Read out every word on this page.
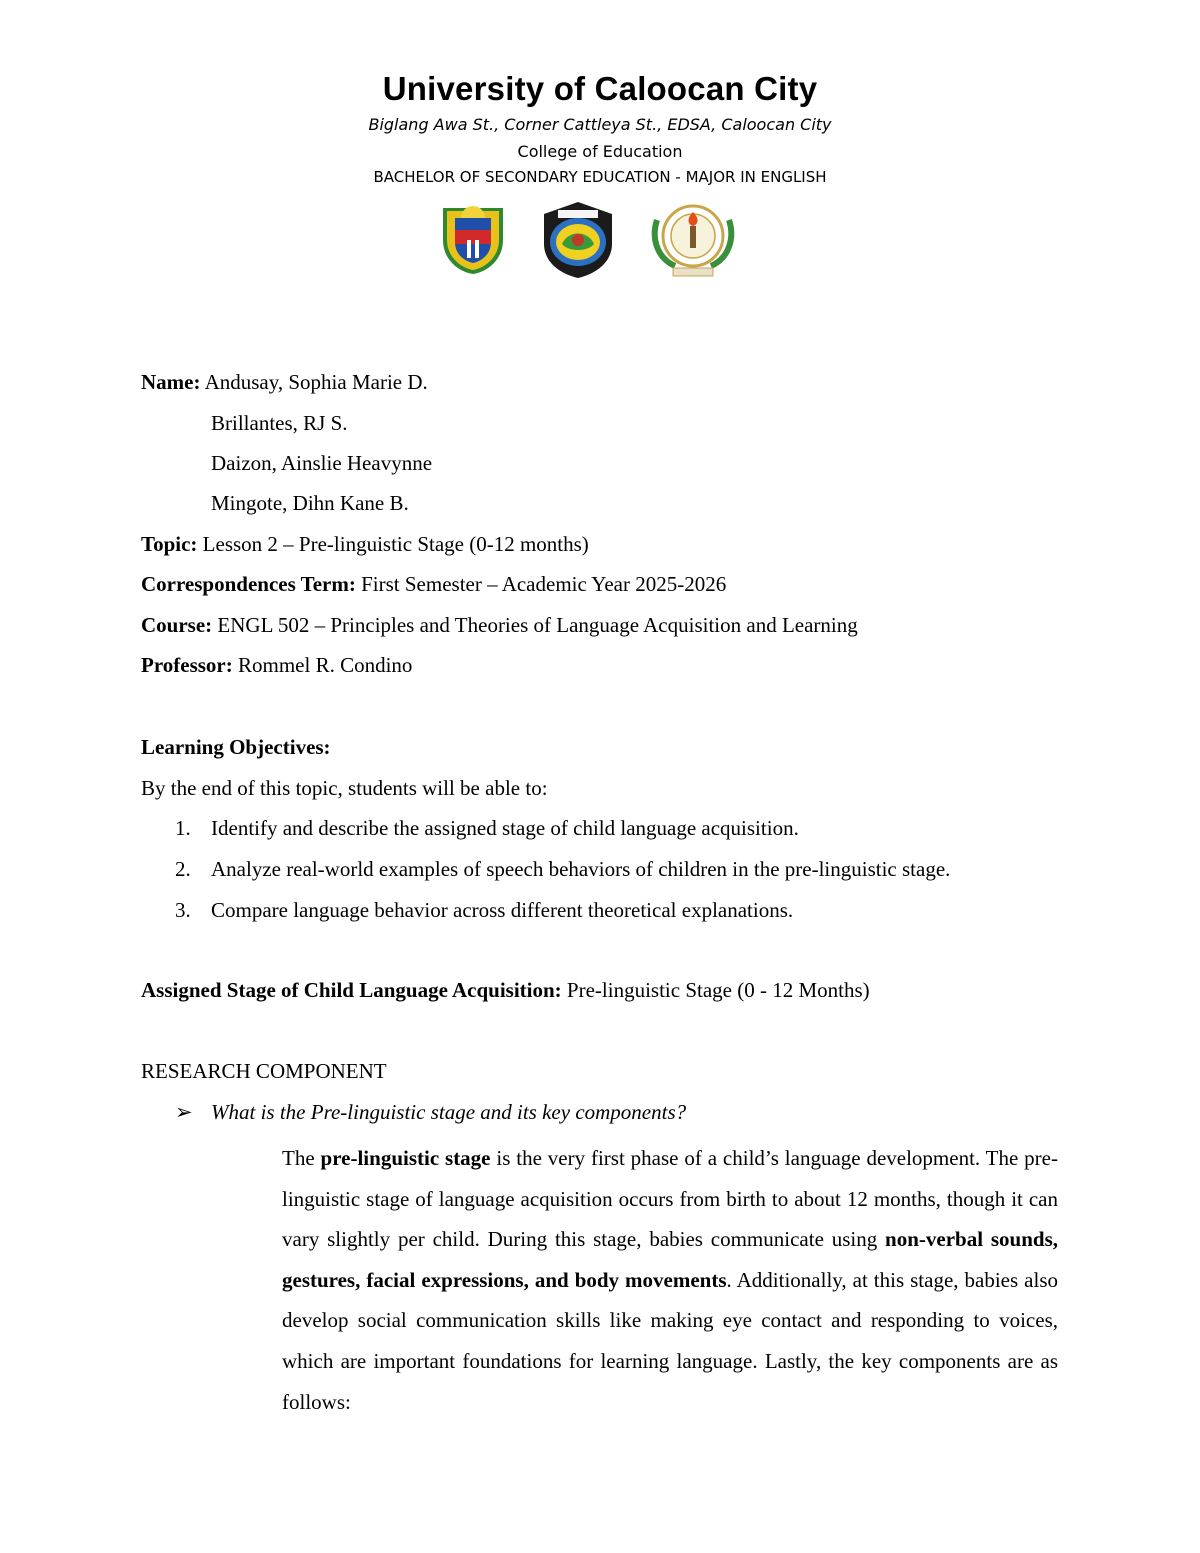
University of Caloocan City
Biglang Awa St., Corner Cattleya St., EDSA, Caloocan City
College of Education
BACHELOR OF SECONDARY EDUCATION - MAJOR IN ENGLISH
Name: Andusay, Sophia Marie D.
Brillantes, RJ S.
Daizon, Ainslie Heavynne
Mingote, Dihn Kane B.
Topic: Lesson 2 – Pre-linguistic Stage (0-12 months)
Correspondences Term: First Semester – Academic Year 2025-2026
Course: ENGL 502 – Principles and Theories of Language Acquisition and Learning
Professor: Rommel R. Condino
Learning Objectives:
By the end of this topic, students will be able to:
1. Identify and describe the assigned stage of child language acquisition.
2. Analyze real-world examples of speech behaviors of children in the pre-linguistic stage.
3. Compare language behavior across different theoretical explanations.
Assigned Stage of Child Language Acquisition: Pre-linguistic Stage (0 - 12 Months)
RESEARCH COMPONENT
➢ What is the Pre-linguistic stage and its key components?
The pre-linguistic stage is the very first phase of a child’s language development. The pre-linguistic stage of language acquisition occurs from birth to about 12 months, though it can vary slightly per child. During this stage, babies communicate using non-verbal sounds, gestures, facial expressions, and body movements. Additionally, at this stage, babies also develop social communication skills like making eye contact and responding to voices, which are important foundations for learning language. Lastly, the key components are as follows:
